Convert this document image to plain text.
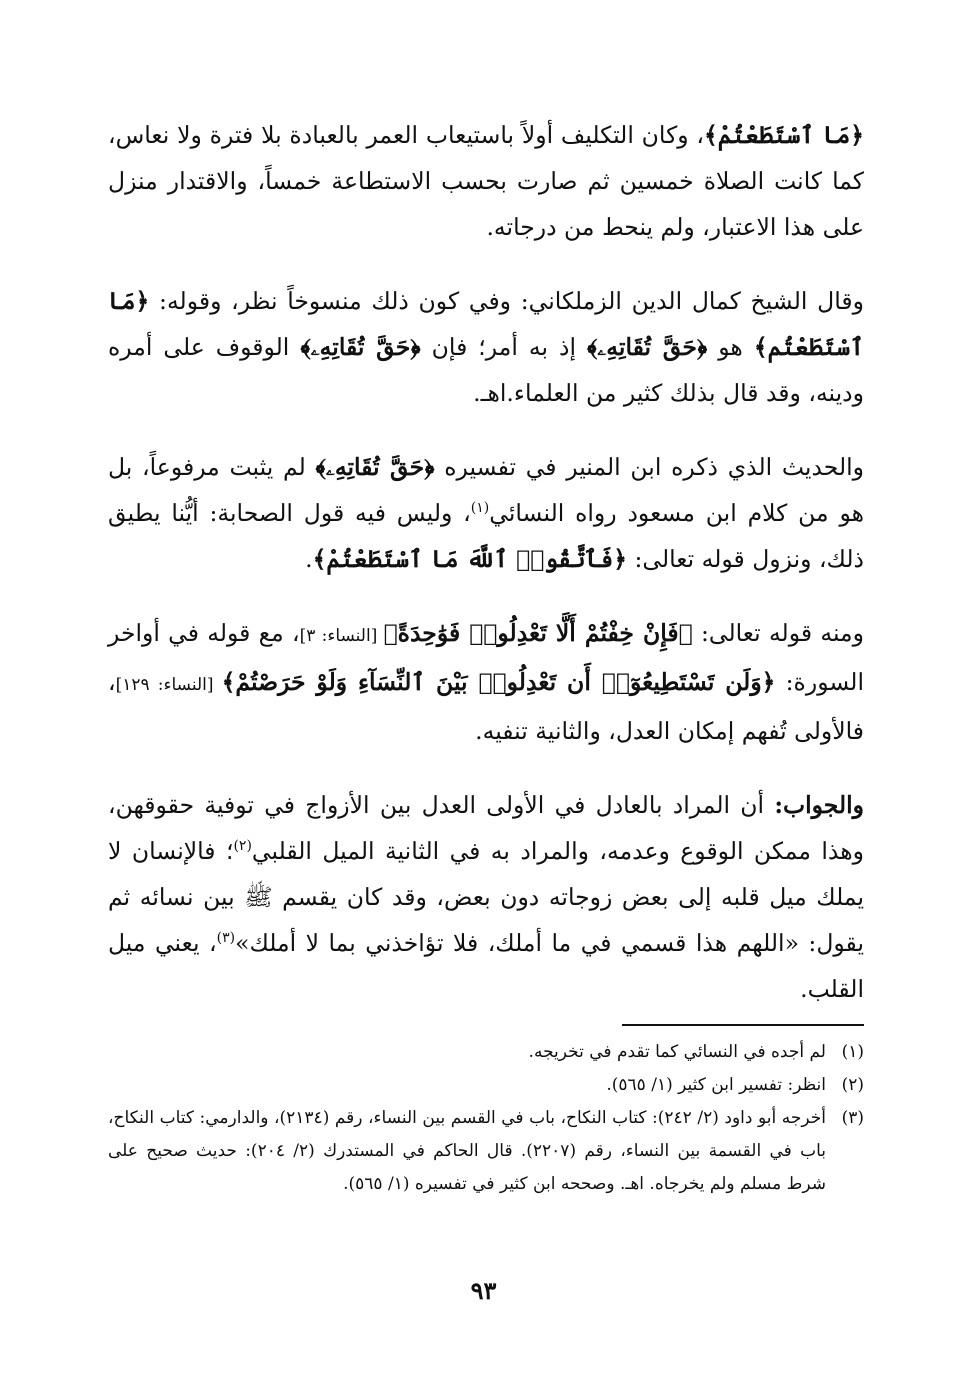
﴿مَا ٱسْتَطَعْتُمْ﴾، وكان التكليف أولاً باستيعاب العمر بالعبادة بلا فترة ولا نعاس، كما كانت الصلاة خمسين ثم صارت بحسب الاستطاعة خمساً، والاقتدار منزل على هذا الاعتبار، ولم ينحط من درجاته.

وقال الشيخ كمال الدين الزملكاني: وفي كون ذلك منسوخاً نظر، وقوله: ﴿مَا ٱسْتَطَعْتُم﴾ هو ﴿حَقَّ تُقَاتِهِۦ﴾ إذ به أمر؛ فإن ﴿حَقَّ تُقَاتِهِۦ﴾ الوقوف على أمره ودينه، وقد قال بذلك كثير من العلماء.اهـ.

والحديث الذي ذكره ابن المنير في تفسيره ﴿حَقَّ تُقَاتِهِۦ﴾ لم يثبت مرفوعاً، بل هو من كلام ابن مسعود رواه النسائي$^{(١)}$، وليس فيه قول الصحابة: أيُّنا يطيق ذلك، ونزول قوله تعالى: ﴿فَٱتَّقُوا۟ ٱللَّهَ مَا ٱسْتَطَعْتُمْ﴾.

ومنه قوله تعالى: ﴿فَإِنْ خِفْتُمْ أَلَّا تَعْدِلُوا۟ فَوَٰحِدَةً﴾ [النساء: ٣]، مع قوله في أواخر السورة: ﴿وَلَن تَسْتَطِيعُوٓا۟ أَن تَعْدِلُوا۟ بَيْنَ ٱلنِّسَآءِ وَلَوْ حَرَصْتُمْ﴾ [النساء: ١٢٩]، فالأولى تُفهم إمكان العدل، والثانية تنفيه.

والجواب: أن المراد بالعادل في الأولى العدل بين الأزواج في توفية حقوقهن، وهذا ممكن الوقوع وعدمه، والمراد به في الثانية الميل القلبي$^{(٢)}$؛ فالإنسان لا يملك ميل قلبه إلى بعض زوجاته دون بعض، وقد كان يقسم ﷺ بين نسائه ثم يقول: «اللهم هذا قسمي في ما أملك، فلا تؤاخذني بما لا أملك»$^{(٣)}$، يعني ميل القلب.

(١)
لم أجده في النسائي كما تقدم في تخريجه.
(٢)
انظر: تفسير ابن كثير (١/ ٥٦٥).
(٣)
أخرجه أبو داود (٢/ ٢٤٢): كتاب النكاح، باب في القسم بين النساء، رقم (٢١٣٤)، والدارمي: كتاب النكاح، باب في القسمة بين النساء، رقم (٢٢٠٧). قال الحاكم في المستدرك (٢/ ٢٠٤): حديث صحيح على شرط مسلم ولم يخرجاه. اهـ. وصححه ابن كثير في تفسيره (١/ ٥٦٥).
٩٣
